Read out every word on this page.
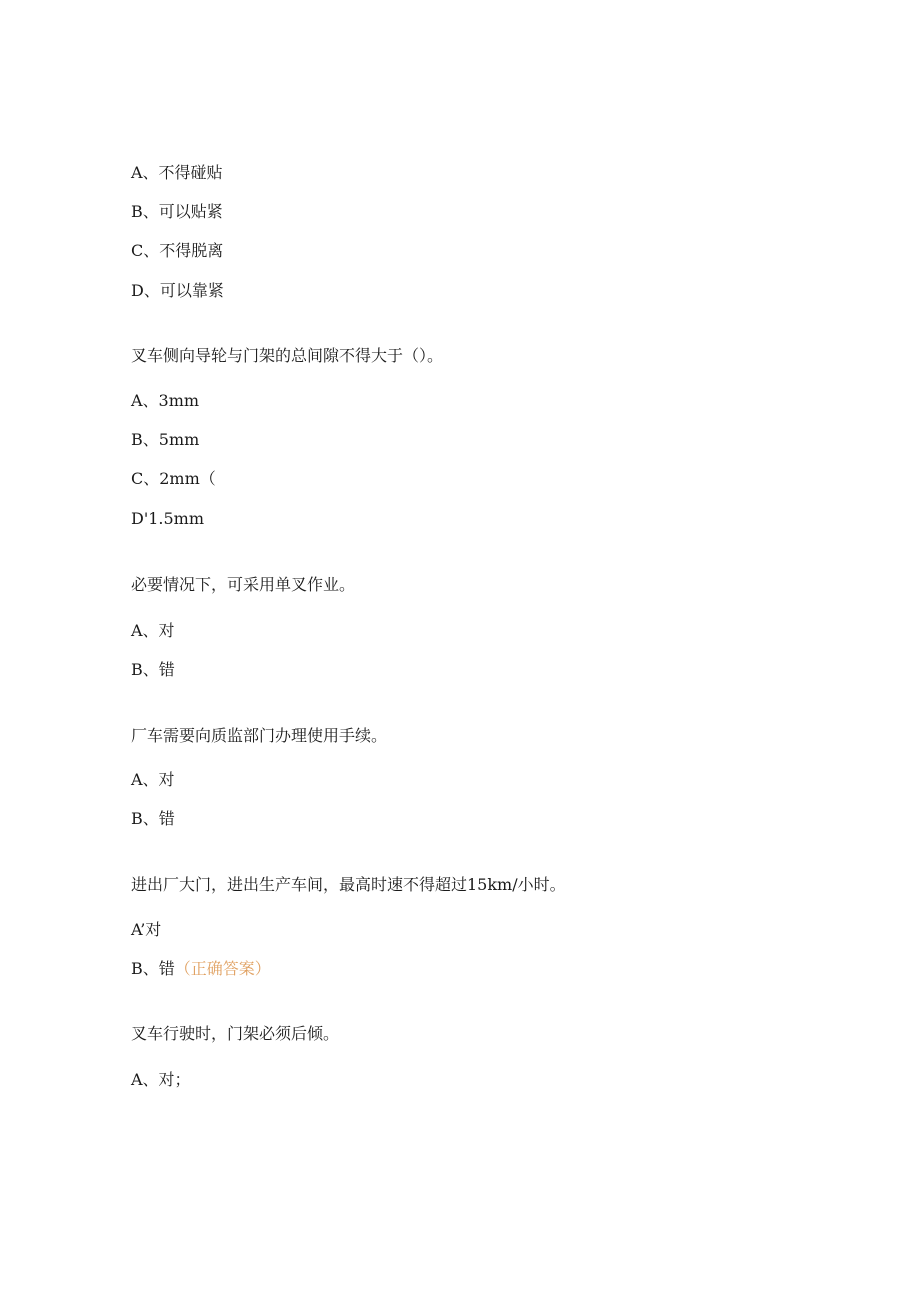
A、不得碰贴
B、可以贴紧
C、不得脱离
D、可以靠紧
叉车侧向导轮与门架的总间隙不得大于（）。
A、3mm
B、5mm
C、2mm（
D'1.5mm
必要情况下，可采用单叉作业。
A、对
B、错
厂车需要向质监部门办理使用手续。
A、对
B、错
进出厂大门，进出生产车间，最高时速不得超过15km∕小时。
A’对
B、错（正确答案）
叉车行驶时，门架必须后倾。
A、对；
